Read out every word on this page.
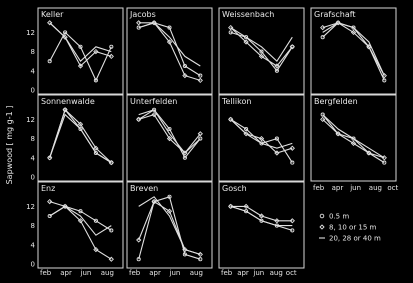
Keller
12
8
4
0
Jacobs	Weissenbach	Grafschaft
Sonnenwalde
12
8
4
0
Unterfelden	Tellikon	Bergfelden
Enz
12
8
4
0
Breven	Gosch
Sapwood [ mg g-1 ]
feb apr jun aug feb apr jun aug	feb apr jun aug oct
feb apr jun aug oct
0.5 m
8, 10 or 15 m
20, 28 or 40 m
